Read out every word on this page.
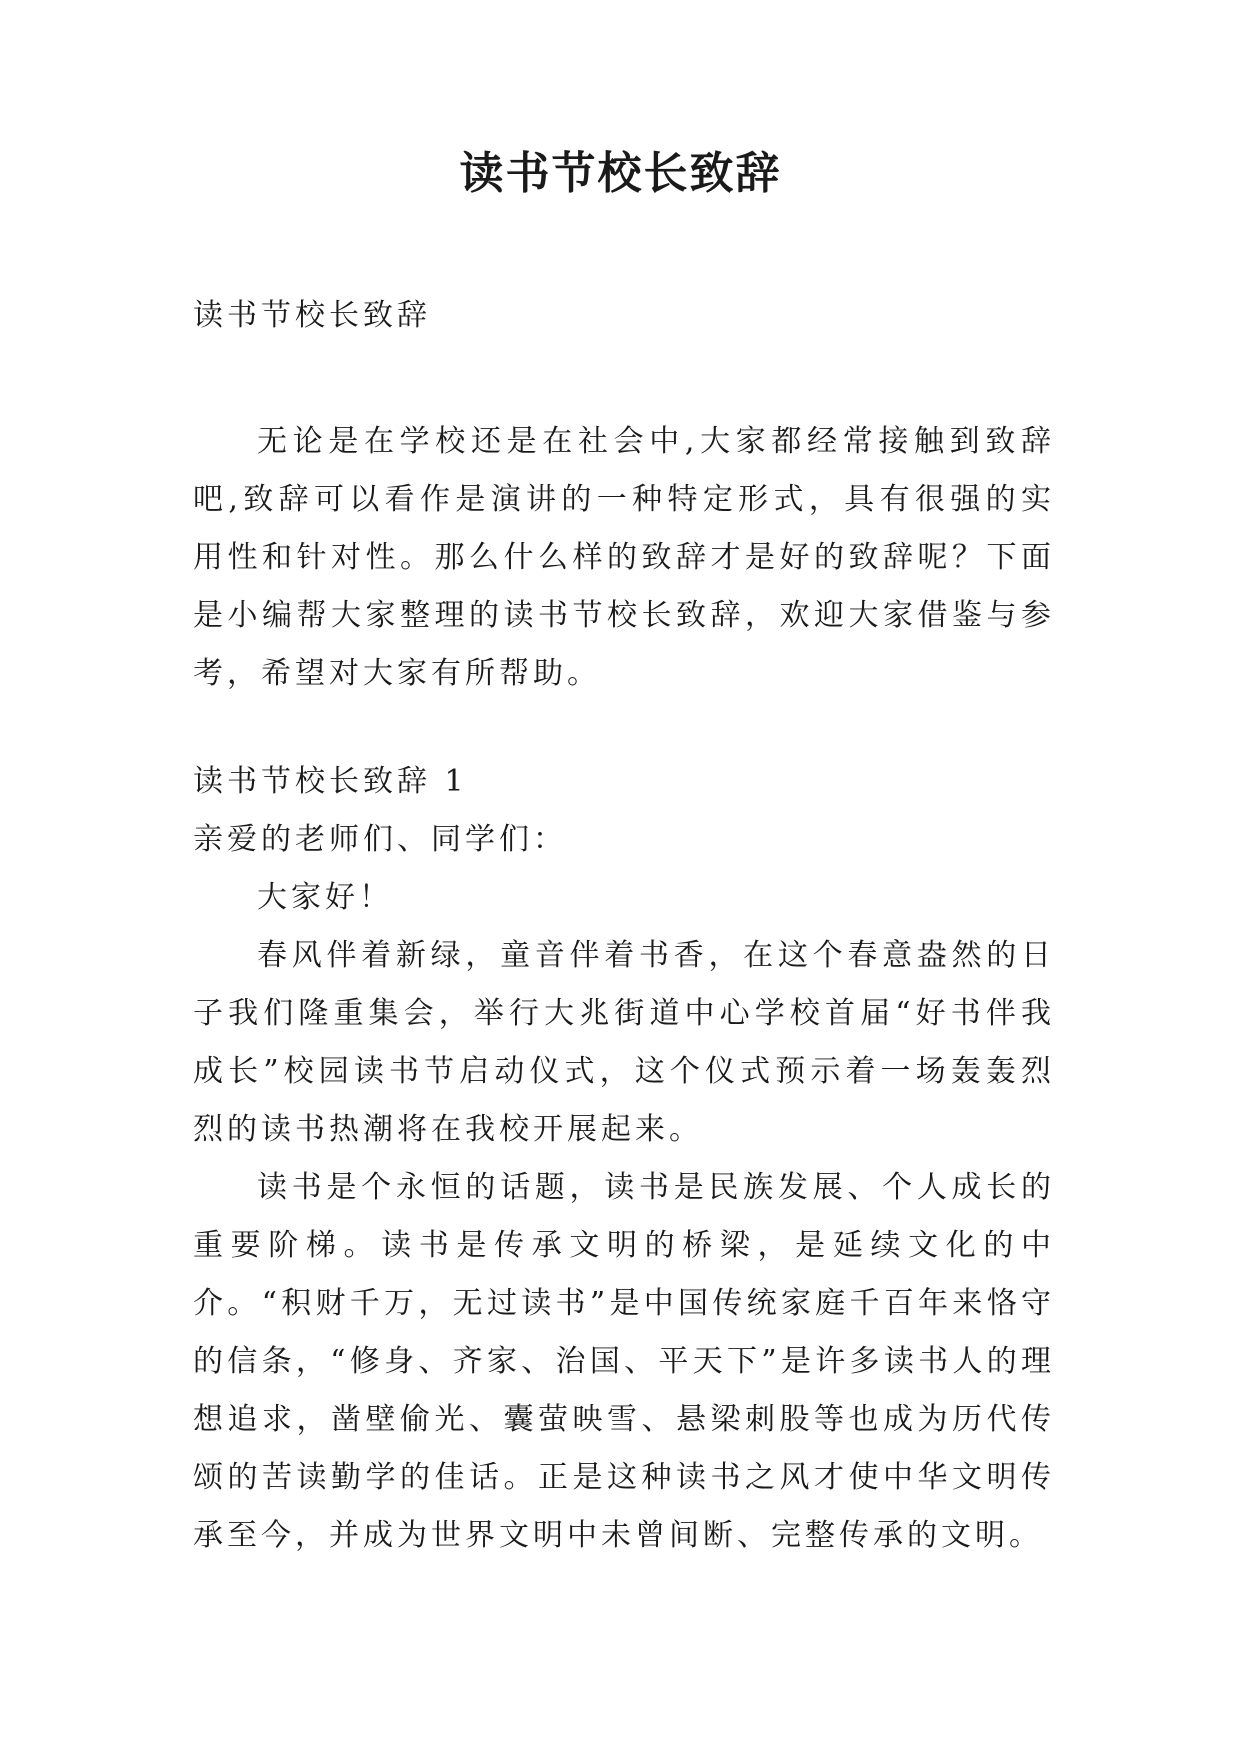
读书节校长致辞

读书节校长致辞

无论是在学校还是在社会中,大家都经常接触到致辞吧,致辞可以看作是演讲的一种特定形式，具有很强的实用性和针对性。那么什么样的致辞才是好的致辞呢？下面是小编帮大家整理的读书节校长致辞，欢迎大家借鉴与参考，希望对大家有所帮助。

读书节校长致辞 1

亲爱的老师们、同学们：

大家好！

春风伴着新绿，童音伴着书香，在这个春意盎然的日子我们隆重集会，举行大兆街道中心学校首届“好书伴我成长”校园读书节启动仪式，这个仪式预示着一场轰轰烈烈的读书热潮将在我校开展起来。

读书是个永恒的话题，读书是民族发展、个人成长的重要阶梯。读书是传承文明的桥梁，是延续文化的中介。“积财千万，无过读书”是中国传统家庭千百年来恪守的信条，“修身、齐家、治国、平天下”是许多读书人的理想追求，凿壁偷光、囊萤映雪、悬梁刺股等也成为历代传颂的苦读勤学的佳话。正是这种读书之风才使中华文明传承至今，并成为世界文明中未曾间断、完整传承的文明。
